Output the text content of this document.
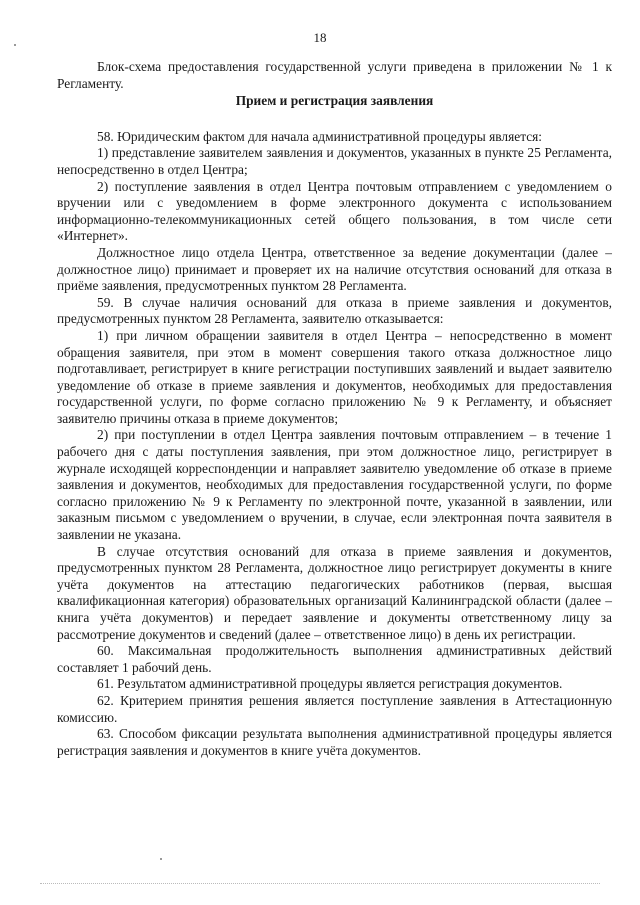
18

Блок-схема предоставления государственной услуги приведена в приложении № 1 к Регламенту.

Прием и регистрация заявления

58. Юридическим фактом для начала административной процедуры является:

1) представление заявителем заявления и документов, указанных в пункте 25 Регламента, непосредственно в отдел Центра;

2) поступление заявления в отдел Центра почтовым отправлением с уведомлением о вручении или с уведомлением в форме электронного документа с использованием информационно-телекоммуникационных сетей общего пользования, в том числе сети «Интернет».

Должностное лицо отдела Центра, ответственное за ведение документации (далее – должностное лицо) принимает и проверяет их на наличие отсутствия оснований для отказа в приёме заявления, предусмотренных пунктом 28 Регламента.

59. В случае наличия оснований для отказа в приеме заявления и документов, предусмотренных пунктом 28 Регламента, заявителю отказывается:

1) при личном обращении заявителя в отдел Центра – непосредственно в момент обращения заявителя, при этом в момент совершения такого отказа должностное лицо подготавливает, регистрирует в книге регистрации поступивших заявлений и выдает заявителю уведомление об отказе в приеме заявления и документов, необходимых для предоставления государственной услуги, по форме согласно приложению № 9 к Регламенту, и объясняет заявителю причины отказа в приеме документов;

2) при поступлении в отдел Центра заявления почтовым отправлением – в течение 1 рабочего дня с даты поступления заявления, при этом должностное лицо, регистрирует в журнале исходящей корреспонденции и направляет заявителю уведомление об отказе в приеме заявления и документов, необходимых для предоставления государственной услуги, по форме согласно приложению № 9 к Регламенту по электронной почте, указанной в заявлении, или заказным письмом с уведомлением о вручении, в случае, если электронная почта заявителя в заявлении не указана.

В случае отсутствия оснований для отказа в приеме заявления и документов, предусмотренных пунктом 28 Регламента, должностное лицо регистрирует документы в книге учёта документов на аттестацию педагогических работников (первая, высшая квалификационная категория) образовательных организаций Калининградской области (далее – книга учёта документов) и передает заявление и документы ответственному лицу за рассмотрение документов и сведений (далее – ответственное лицо) в день их регистрации.

60. Максимальная продолжительность выполнения административных действий составляет 1 рабочий день.

61. Результатом административной процедуры является регистрация документов.

62. Критерием принятия решения является поступление заявления в Аттестационную комиссию.

63. Способом фиксации результата выполнения административной процедуры является регистрация заявления и документов в книге учёта документов.
